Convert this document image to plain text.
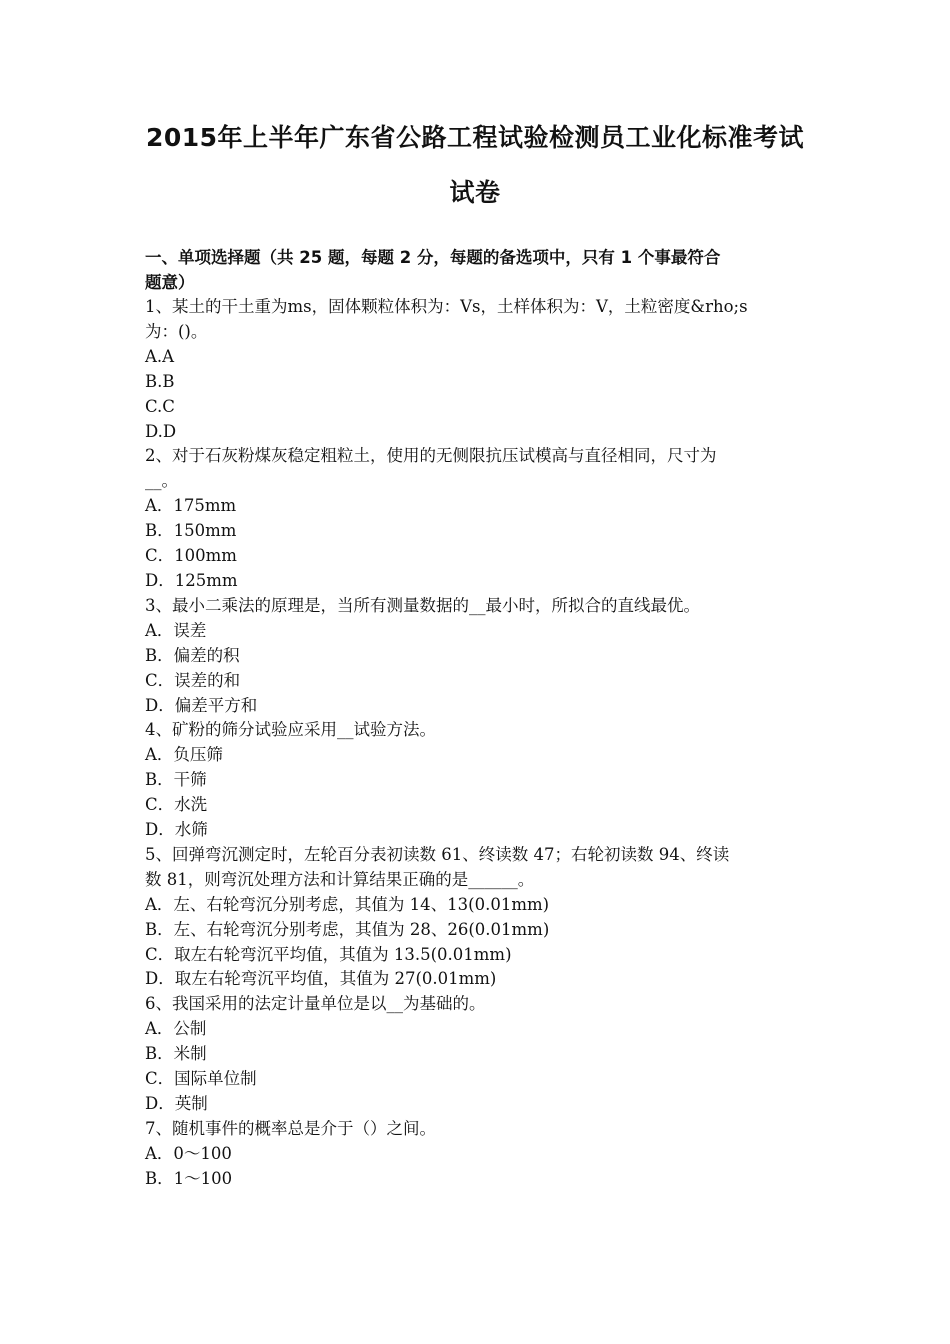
2015年上半年广东省公路工程试验检测员工业化标准考试
试卷
一、单项选择题（共 25 题，每题 2 分，每题的备选项中，只有 1 个事最符合
题意）
1、某土的干土重为ms，固体颗粒体积为：Vs，土样体积为：V，土粒密度&rho;s
为：()。
A.A
B.B
C.C
D.D
2、对于石灰粉煤灰稳定粗粒土，使用的无侧限抗压试模高与直径相同，尺寸为
__。
A．175mm
B．150mm
C．100mm
D．125mm
3、最小二乘法的原理是，当所有测量数据的__最小时，所拟合的直线最优。
A．误差
B．偏差的积
C．误差的和
D．偏差平方和
4、矿粉的筛分试验应采用__试验方法。
A．负压筛
B．干筛
C．水洗
D．水筛
5、回弹弯沉测定时，左轮百分表初读数 61、终读数 47；右轮初读数 94、终读
数 81，则弯沉处理方法和计算结果正确的是______。
A．左、右轮弯沉分别考虑，其值为 14、13(0.01mm)
B．左、右轮弯沉分别考虑，其值为 28、26(0.01mm)
C．取左右轮弯沉平均值，其值为 13.5(0.01mm)
D．取左右轮弯沉平均值，其值为 27(0.01mm)
6、我国采用的法定计量单位是以__为基础的。
A．公制
B．米制
C．国际单位制
D．英制
7、随机事件的概率总是介于（）之间。
A．0～100
B．1～100
